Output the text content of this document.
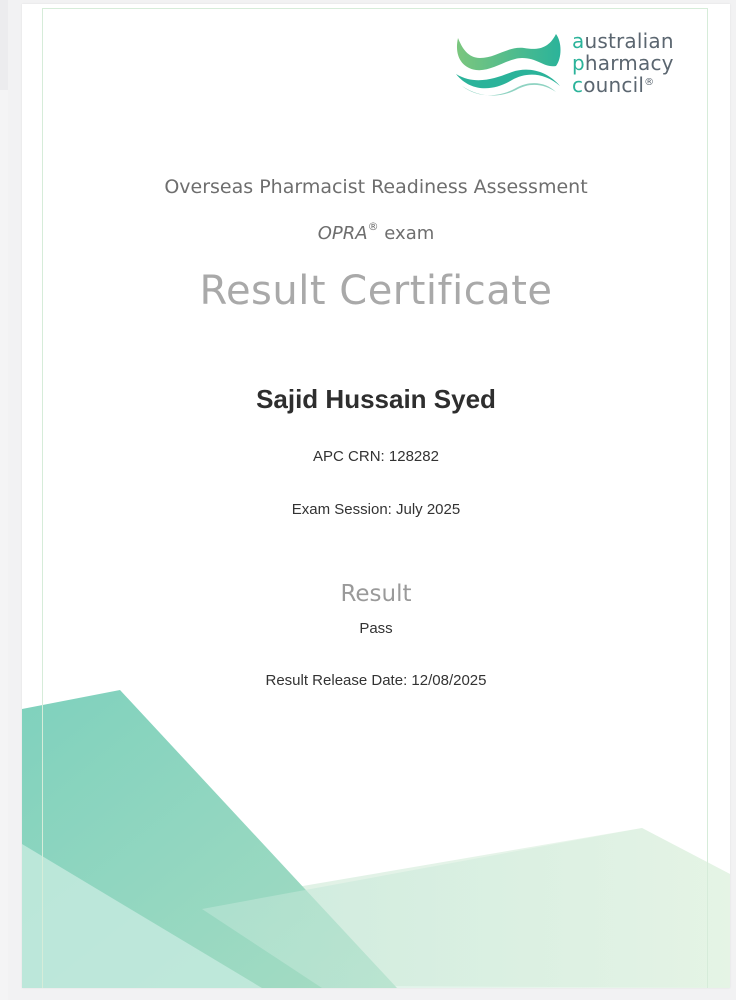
australian
pharmacy
council®
Overseas Pharmacist Readiness Assessment
OPRA® exam
Result Certificate
Sajid Hussain Syed
APC CRN: 128282
Exam Session: July 2025
Result
Pass
Result Release Date: 12/08/2025
